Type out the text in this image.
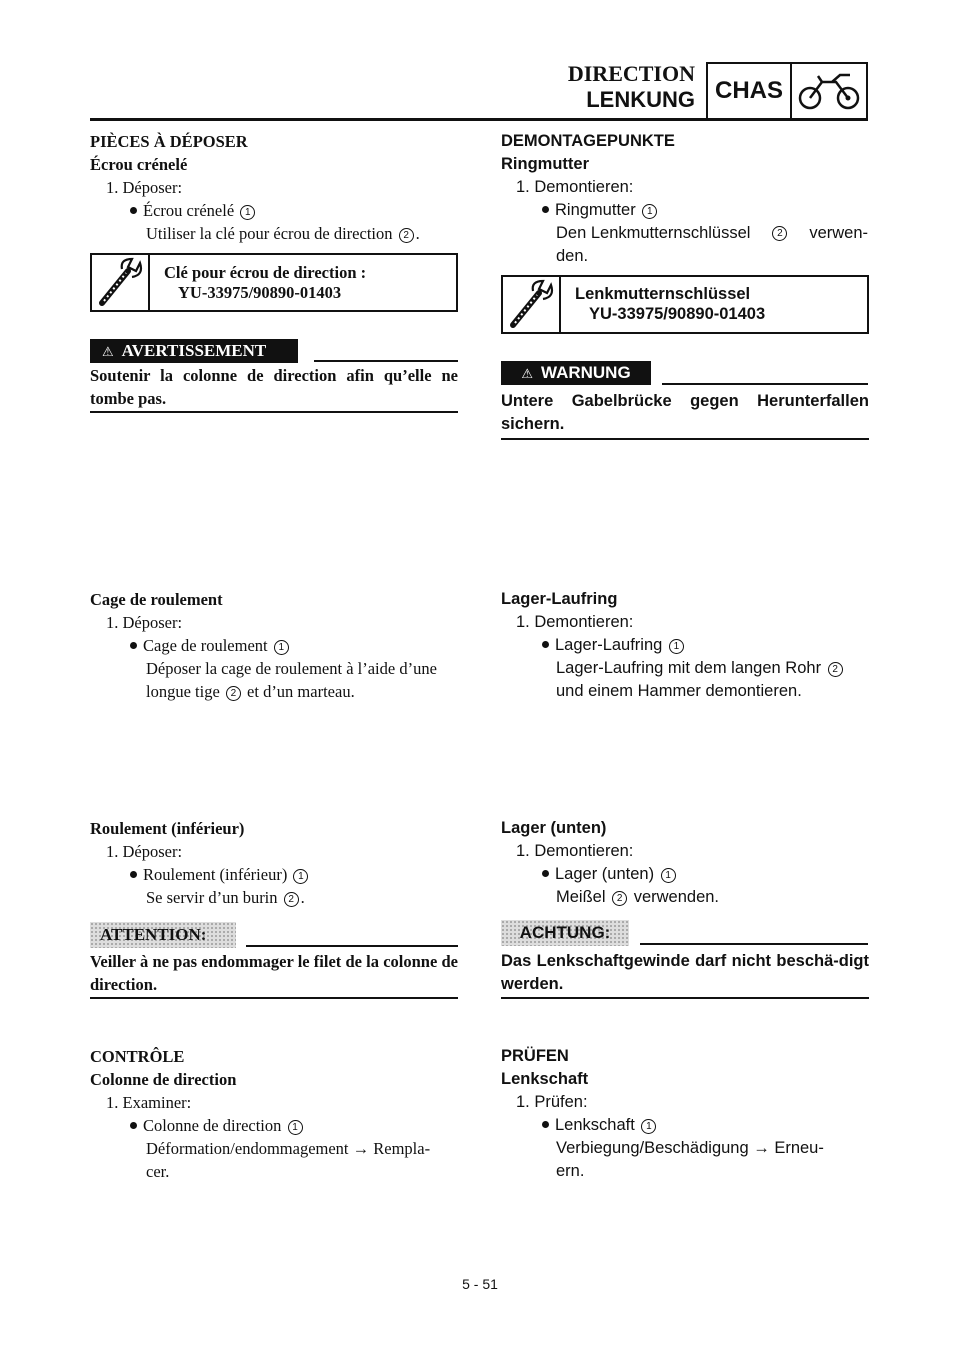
DIRECTION
LENKUNG CHAS
PIÈCES À DÉPOSER
Écrou crénelé
1. Déposer:
Écrou crénelé 1
Utiliser la clé pour écrou de direction 2 .
Clé pour écrou de direction :
YU-33975/90890-01403
⚠ AVERTISSEMENT
Soutenir la colonne de direction afin qu’elle ne tombe pas.
Cage de roulement
1. Déposer:
Cage de roulement 1
Déposer la cage de roulement à l’aide d’une
longue tige 2 et d’un marteau.
Roulement (inférieur)
1. Déposer:
Roulement (inférieur) 1
Se servir d’un burin 2 .
ATTENTION:
Veiller à ne pas endommager le filet de la colonne de direction.
CONTRÔLE
Colonne de direction
1. Examiner:
Colonne de direction 1
Déformation/endommagement → Rempla-
cer.
DEMONTAGEPUNKTE
Ringmutter
1. Demontieren:
Ringmutter 1
Den Lenkmutternschlüssel	2 verwen-
den.
Lenkmutternschlüssel
YU-33975/90890-01403
⚠ WARNUNG
Untere Gabelbrücke gegen Herunterfallen sichern.
Lager-Laufring
1. Demontieren:
Lager-Laufring 1
Lager-Laufring mit dem langen Rohr 2
und einem Hammer demontieren.
Lager (unten)
1. Demontieren:
Lager (unten) 1
Meißel 2 verwenden.
ACHTUNG:
Das Lenkschaftgewinde darf nicht beschä-digt werden.
PRÜFEN
Lenkschaft
1. Prüfen:
Lenkschaft 1
Verbiegung/Beschädigung → Erneu-
ern.
5 - 51
